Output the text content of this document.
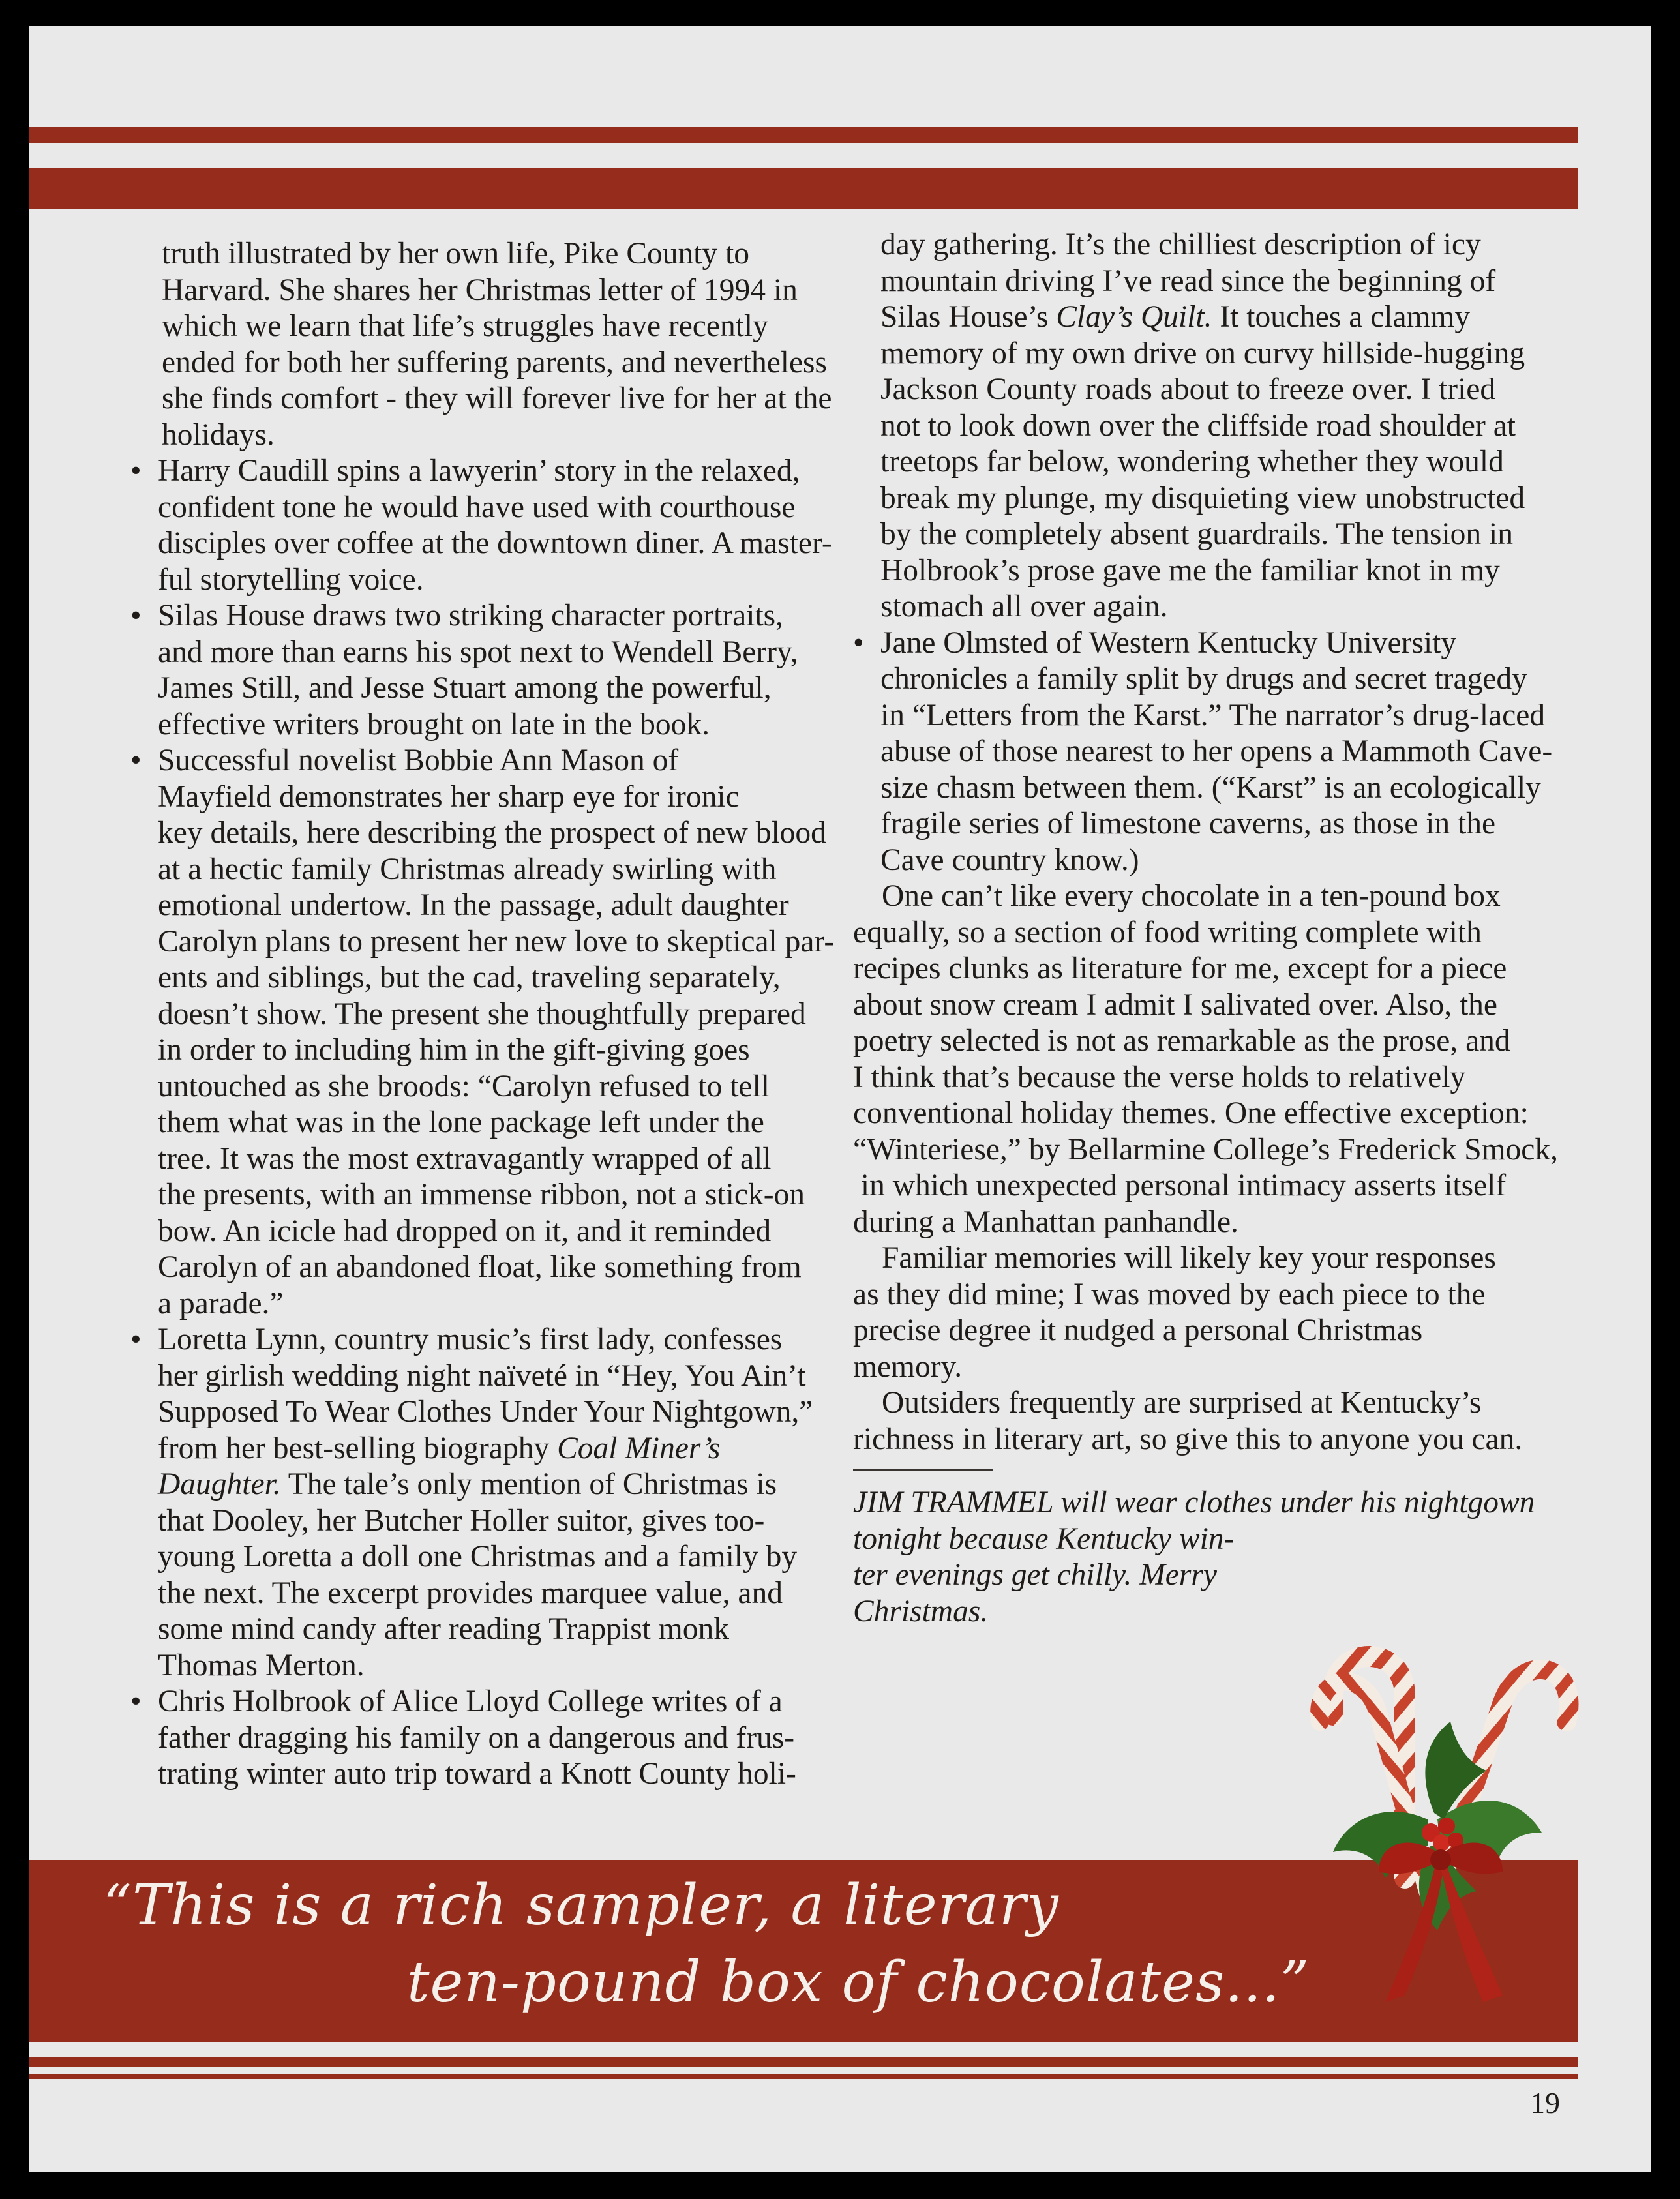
truth illustrated by her own life, Pike County to

Harvard. She shares her Christmas letter of 1994 in

which we learn that life’s struggles have recently

ended for both her suffering parents, and nevertheless

she finds comfort - they will forever live for her at the

holidays.

• Harry Caudill spins a lawyerin’ story in the relaxed,

confident tone he would have used with courthouse

disciples over coffee at the downtown diner. A master-

ful storytelling voice.

• Silas House draws two striking character portraits,

and more than earns his spot next to Wendell Berry,

James Still, and Jesse Stuart among the powerful,

effective writers brought on late in the book.

• Successful novelist Bobbie Ann Mason of

Mayfield demonstrates her sharp eye for ironic

key details, here describing the prospect of new blood

at a hectic family Christmas already swirling with

emotional undertow. In the passage, adult daughter

Carolyn plans to present her new love to skeptical par-

ents and siblings, but the cad, traveling separately,

doesn’t show. The present she thoughtfully prepared

in order to including him in the gift-giving goes

untouched as she broods: “Carolyn refused to tell

them what was in the lone package left under the

tree. It was the most extravagantly wrapped of all

the presents, with an immense ribbon, not a stick-on

bow. An icicle had dropped on it, and it reminded

Carolyn of an abandoned float, like something from

a parade.”

• Loretta Lynn, country music’s first lady, confesses

her girlish wedding night naïveté in “Hey, You Ain’t

Supposed To Wear Clothes Under Your Nightgown,”

from her best-selling biography Coal Miner’s

Daughter. The tale’s only mention of Christmas is

that Dooley, her Butcher Holler suitor, gives too-

young Loretta a doll one Christmas and a family by

the next. The excerpt provides marquee value, and

some mind candy after reading Trappist monk

Thomas Merton.

• Chris Holbrook of Alice Lloyd College writes of a

father dragging his family on a dangerous and frus-

trating winter auto trip toward a Knott County holi-

day gathering. It’s the chilliest description of icy

mountain driving I’ve read since the beginning of

Silas House’s Clay’s Quilt. It touches a clammy

memory of my own drive on curvy hillside-hugging

Jackson County roads about to freeze over. I tried

not to look down over the cliffside road shoulder at

treetops far below, wondering whether they would

break my plunge, my disquieting view unobstructed

by the completely absent guardrails. The tension in

Holbrook’s prose gave me the familiar knot in my

stomach all over again.

• Jane Olmsted of Western Kentucky University

chronicles a family split by drugs and secret tragedy

in “Letters from the Karst.” The narrator’s drug-laced

abuse of those nearest to her opens a Mammoth Cave-

size chasm between them. (“Karst” is an ecologically

fragile series of limestone caverns, as those in the

Cave country know.)

One can’t like every chocolate in a ten-pound box

equally, so a section of food writing complete with

recipes clunks as literature for me, except for a piece

about snow cream I admit I salivated over. Also, the

poetry selected is not as remarkable as the prose, and

I think that’s because the verse holds to relatively

conventional holiday themes. One effective exception:

“Winteriese,” by Bellarmine College’s Frederick Smock,

in which unexpected personal intimacy asserts itself

during a Manhattan panhandle.

Familiar memories will likely key your responses

as they did mine; I was moved by each piece to the

precise degree it nudged a personal Christmas

memory.

Outsiders frequently are surprised at Kentucky’s

richness in literary art, so give this to anyone you can.

JIM TRAMMEL will wear clothes under his nightgown

tonight because Kentucky win-

ter evenings get chilly. Merry

Christmas.

“This is a rich sampler, a literary
ten-pound box of chocolates...”
19
